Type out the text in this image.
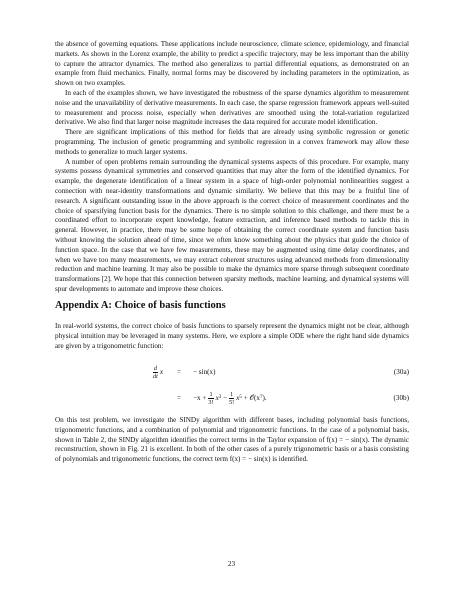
the absence of governing equations. These applications include neuroscience, climate science, epidemiology, and financial markets. As shown in the Lorenz example, the ability to predict a specific trajectory, may be less important than the ability to capture the attractor dynamics. The method also generalizes to partial differential equations, as demonstrated on an example from fluid mechanics. Finally, normal forms may be discovered by including parameters in the optimization, as shown on two examples.

In each of the examples shown, we have investigated the robustness of the sparse dynamics algorithm to measurement noise and the unavailability of derivative measurements. In each case, the sparse regression framework appears well-suited to measurement and process noise, especially when derivatives are smoothed using the total-variation regularized derivative. We also find that larger noise magnitude increases the data required for accurate model identification.

There are significant implications of this method for fields that are already using symbolic regression or genetic programming. The inclusion of genetic programming and symbolic regression in a convex framework may allow these methods to generalize to much larger systems.

A number of open problems remain surrounding the dynamical systems aspects of this procedure. For example, many systems possess dynamical symmetries and conserved quantities that may alter the form of the identified dynamics. For example, the degenerate identification of a linear system in a space of high-order polynomial nonlinearities suggest a connection with near-identity transformations and dynamic similarity. We believe that this may be a fruitful line of research. A significant outstanding issue in the above approach is the correct choice of measurement coordinates and the choice of sparsifying function basis for the dynamics. There is no simple solution to this challenge, and there must be a coordinated effort to incorporate expert knowledge, feature extraction, and inference based methods to tackle this in general. However, in practice, there may be some hope of obtaining the correct coordinate system and function basis without knowing the solution ahead of time, since we often know something about the physics that guide the choice of function space. In the case that we have few measurements, these may be augmented using time delay coordinates, and when we have too many measurements, we may extract coherent structures using advanced methods from dimensionality reduction and machine learning. It may also be possible to make the dynamics more sparse through subsequent coordinate transformations [2]. We hope that this connection between sparsity methods, machine learning, and dynamical systems will spur developments to automate and improve these choices.

Appendix A: Choice of basis functions

In real-world systems, the correct choice of basis functions to sparsely represent the dynamics might not be clear, although physical intuition may be leveraged in many systems. Here, we explore a simple ODE where the right hand side dynamics are given by a trigonometric function:

$\frac{d}{dt}$ x = − sin(x)	(30a)
= $-x + \frac{1}{3!}$ x 3
− $\frac{1}{5!}$ x 5
+ 𝒪(x 7 ).	(30b)

On this test problem, we investigate the SINDy algorithm with different bases, including polynomial basis functions, trigonometric functions, and a combination of polynomial and trigonometric functions. In the case of a polynomial basis, shown in Table 2, the SINDy algorithm identifies the correct terms in the Taylor expansion of f(x) = − sin(x). The dynamic reconstruction, shown in Fig. 21 is excellent. In both of the other cases of a purely trigonometric basis or a basis consisting of polynomials and trigonometric functions, the correct term f(x) = − sin(x) is identified.

23
